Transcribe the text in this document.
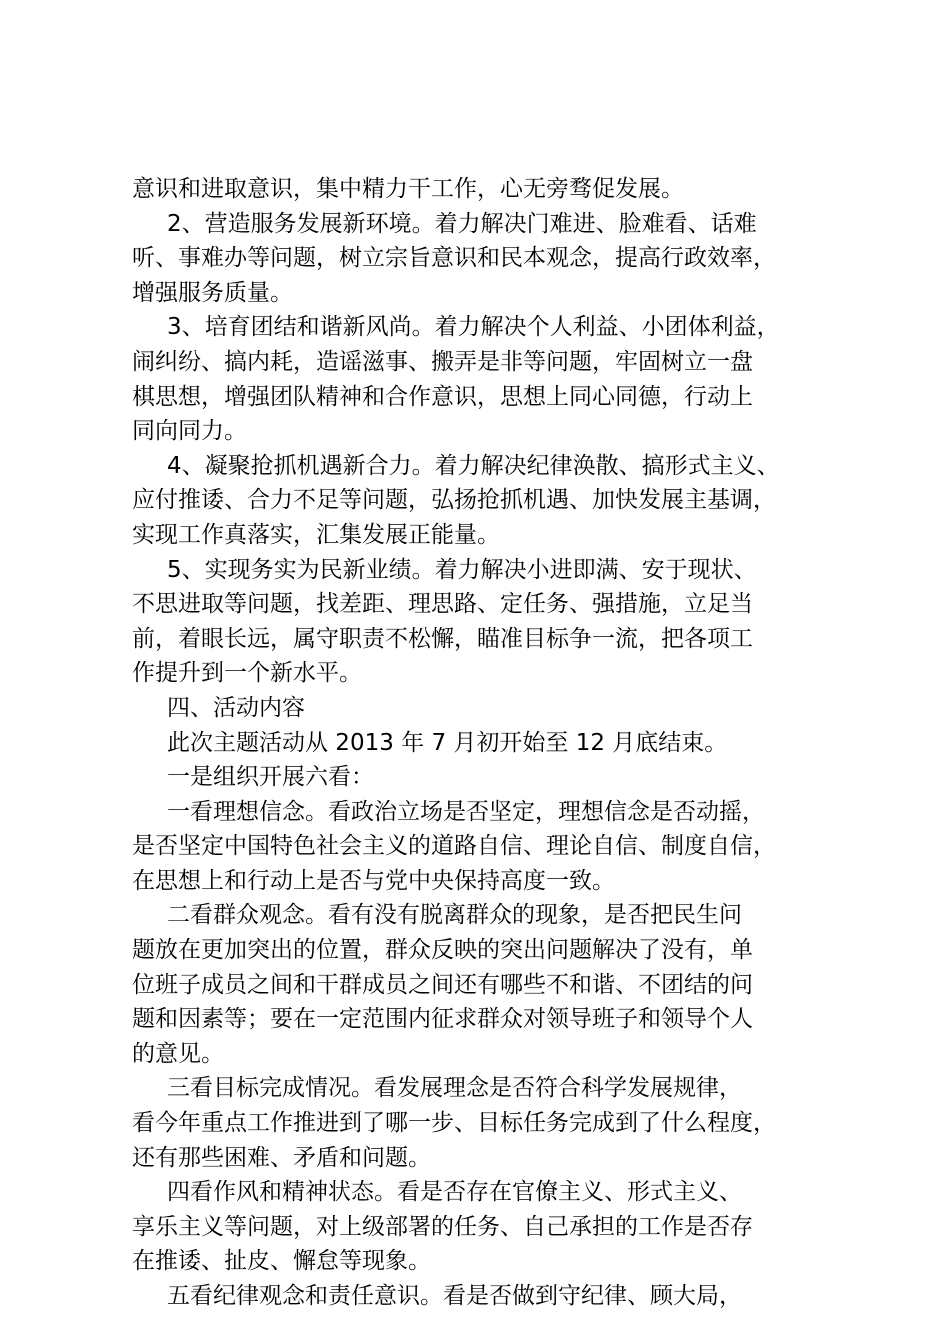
意识和进取意识，集中精力干工作，心无旁骛促发展。
2、营造服务发展新环境。着力解决门难进、脸难看、话难
听、事难办等问题，树立宗旨意识和民本观念，提高行政效率，
增强服务质量。
3、培育团结和谐新风尚。着力解决个人利益、小团体利益，
闹纠纷、搞内耗，造谣滋事、搬弄是非等问题，牢固树立一盘
棋思想，增强团队精神和合作意识，思想上同心同德，行动上
同向同力。
4、凝聚抢抓机遇新合力。着力解决纪律涣散、搞形式主义、
应付推诿、合力不足等问题，弘扬抢抓机遇、加快发展主基调，
实现工作真落实，汇集发展正能量。
5、实现务实为民新业绩。着力解决小进即满、安于现状、
不思进取等问题，找差距、理思路、定任务、强措施，立足当
前，着眼长远，属守职责不松懈，瞄准目标争一流，把各项工
作提升到一个新水平。
四、活动内容
此次主题活动从 2013 年 7 月初开始至 12 月底结束。
一是组织开展六看：
一看理想信念。看政治立场是否坚定，理想信念是否动摇，
是否坚定中国特色社会主义的道路自信、理论自信、制度自信，
在思想上和行动上是否与党中央保持高度一致。
二看群众观念。看有没有脱离群众的现象，是否把民生问
题放在更加突出的位置，群众反映的突出问题解决了没有，单
位班子成员之间和干群成员之间还有哪些不和谐、不团结的问
题和因素等；要在一定范围内征求群众对领导班子和领导个人
的意见。
三看目标完成情况。看发展理念是否符合科学发展规律，
看今年重点工作推进到了哪一步、目标任务完成到了什么程度，
还有那些困难、矛盾和问题。
四看作风和精神状态。看是否存在官僚主义、形式主义、
享乐主义等问题，对上级部署的任务、自己承担的工作是否存
在推诿、扯皮、懈怠等现象。
五看纪律观念和责任意识。看是否做到守纪律、顾大局，
